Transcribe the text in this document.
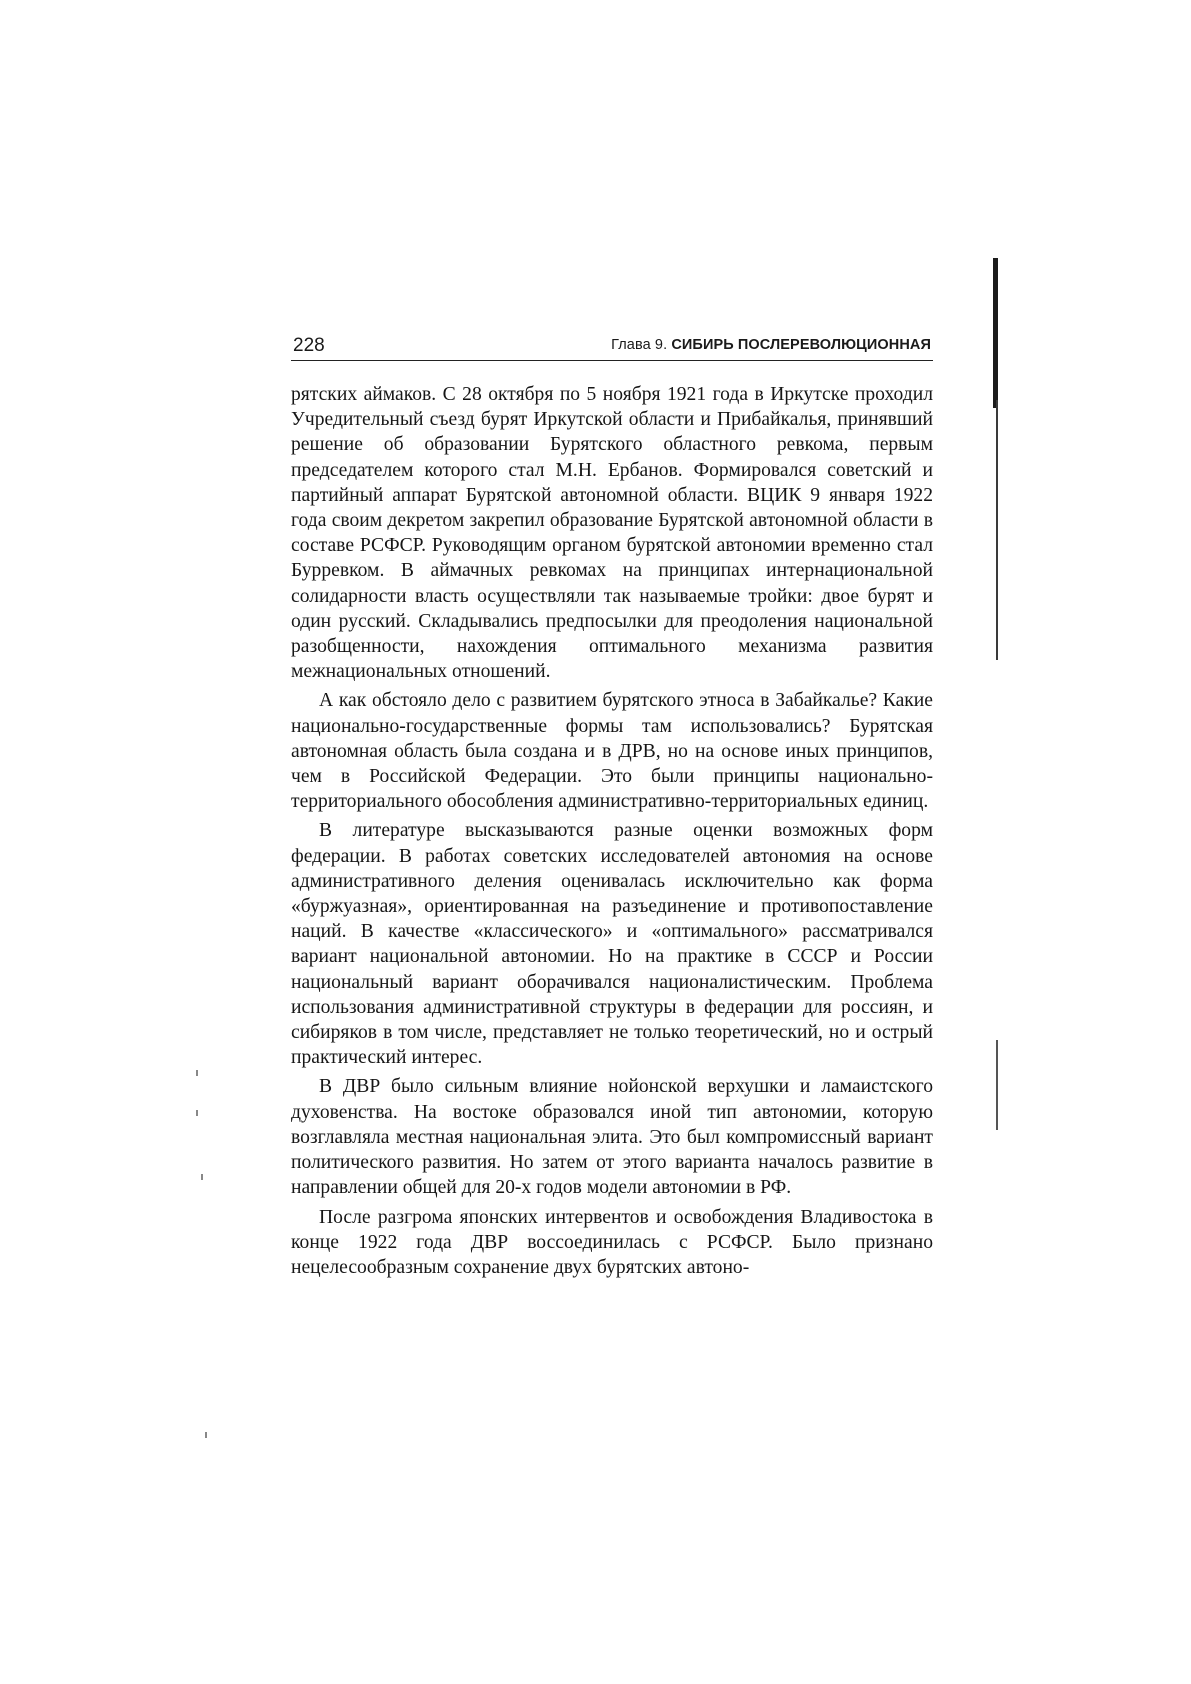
228	Глава 9. СИБИРЬ ПОСЛЕРЕВОЛЮЦИОННАЯ

рятских аймаков. С 28 октября по 5 ноября 1921 года в Иркутске проходил Учредительный съезд бурят Иркутской области и Прибайкалья, принявший решение об образовании Бурятского областного ревкома, первым председателем которого стал М.Н. Ербанов. Формировался советский и партийный аппарат Бурятской автономной области. ВЦИК 9 января 1922 года своим декретом закрепил образование Бурятской автономной области в составе РСФСР. Руководящим органом бурятской автономии временно стал Бурревком. В аймачных ревкомах на принципах интернациональной солидарности власть осуществляли так называемые тройки: двое бурят и один русский. Складывались предпосылки для преодоления национальной разобщенности, нахождения оптимального механизма развития межнациональных отношений.

А как обстояло дело с развитием бурятского этноса в Забайкалье? Какие национально-государственные формы там использовались? Бурятская автономная область была создана и в ДРВ, но на основе иных принципов, чем в Российской Федерации. Это были принципы национально-территориального обособления административно-территориальных единиц.

В литературе высказываются разные оценки возможных форм федерации. В работах советских исследователей автономия на основе административного деления оценивалась исключительно как форма «буржуазная», ориентированная на разъединение и противопоставление наций. В качестве «классического» и «оптимального» рассматривался вариант национальной автономии. Но на практике в СССР и России национальный вариант оборачивался националистическим. Проблема использования административной структуры в федерации для россиян, и сибиряков в том числе, представляет не только теоретический, но и острый практический интерес.

В ДВР было сильным влияние нойонской верхушки и ламаистского духовенства. На востоке образовался иной тип автономии, которую возглавляла местная национальная элита. Это был компромиссный вариант политического развития. Но затем от этого варианта началось развитие в направлении общей для 20-х годов модели автономии в РФ.

После разгрома японских интервентов и освобождения Владивостока в конце 1922 года ДВР воссоединилась с РСФСР. Было признано нецелесообразным сохранение двух бурятских автоно-
